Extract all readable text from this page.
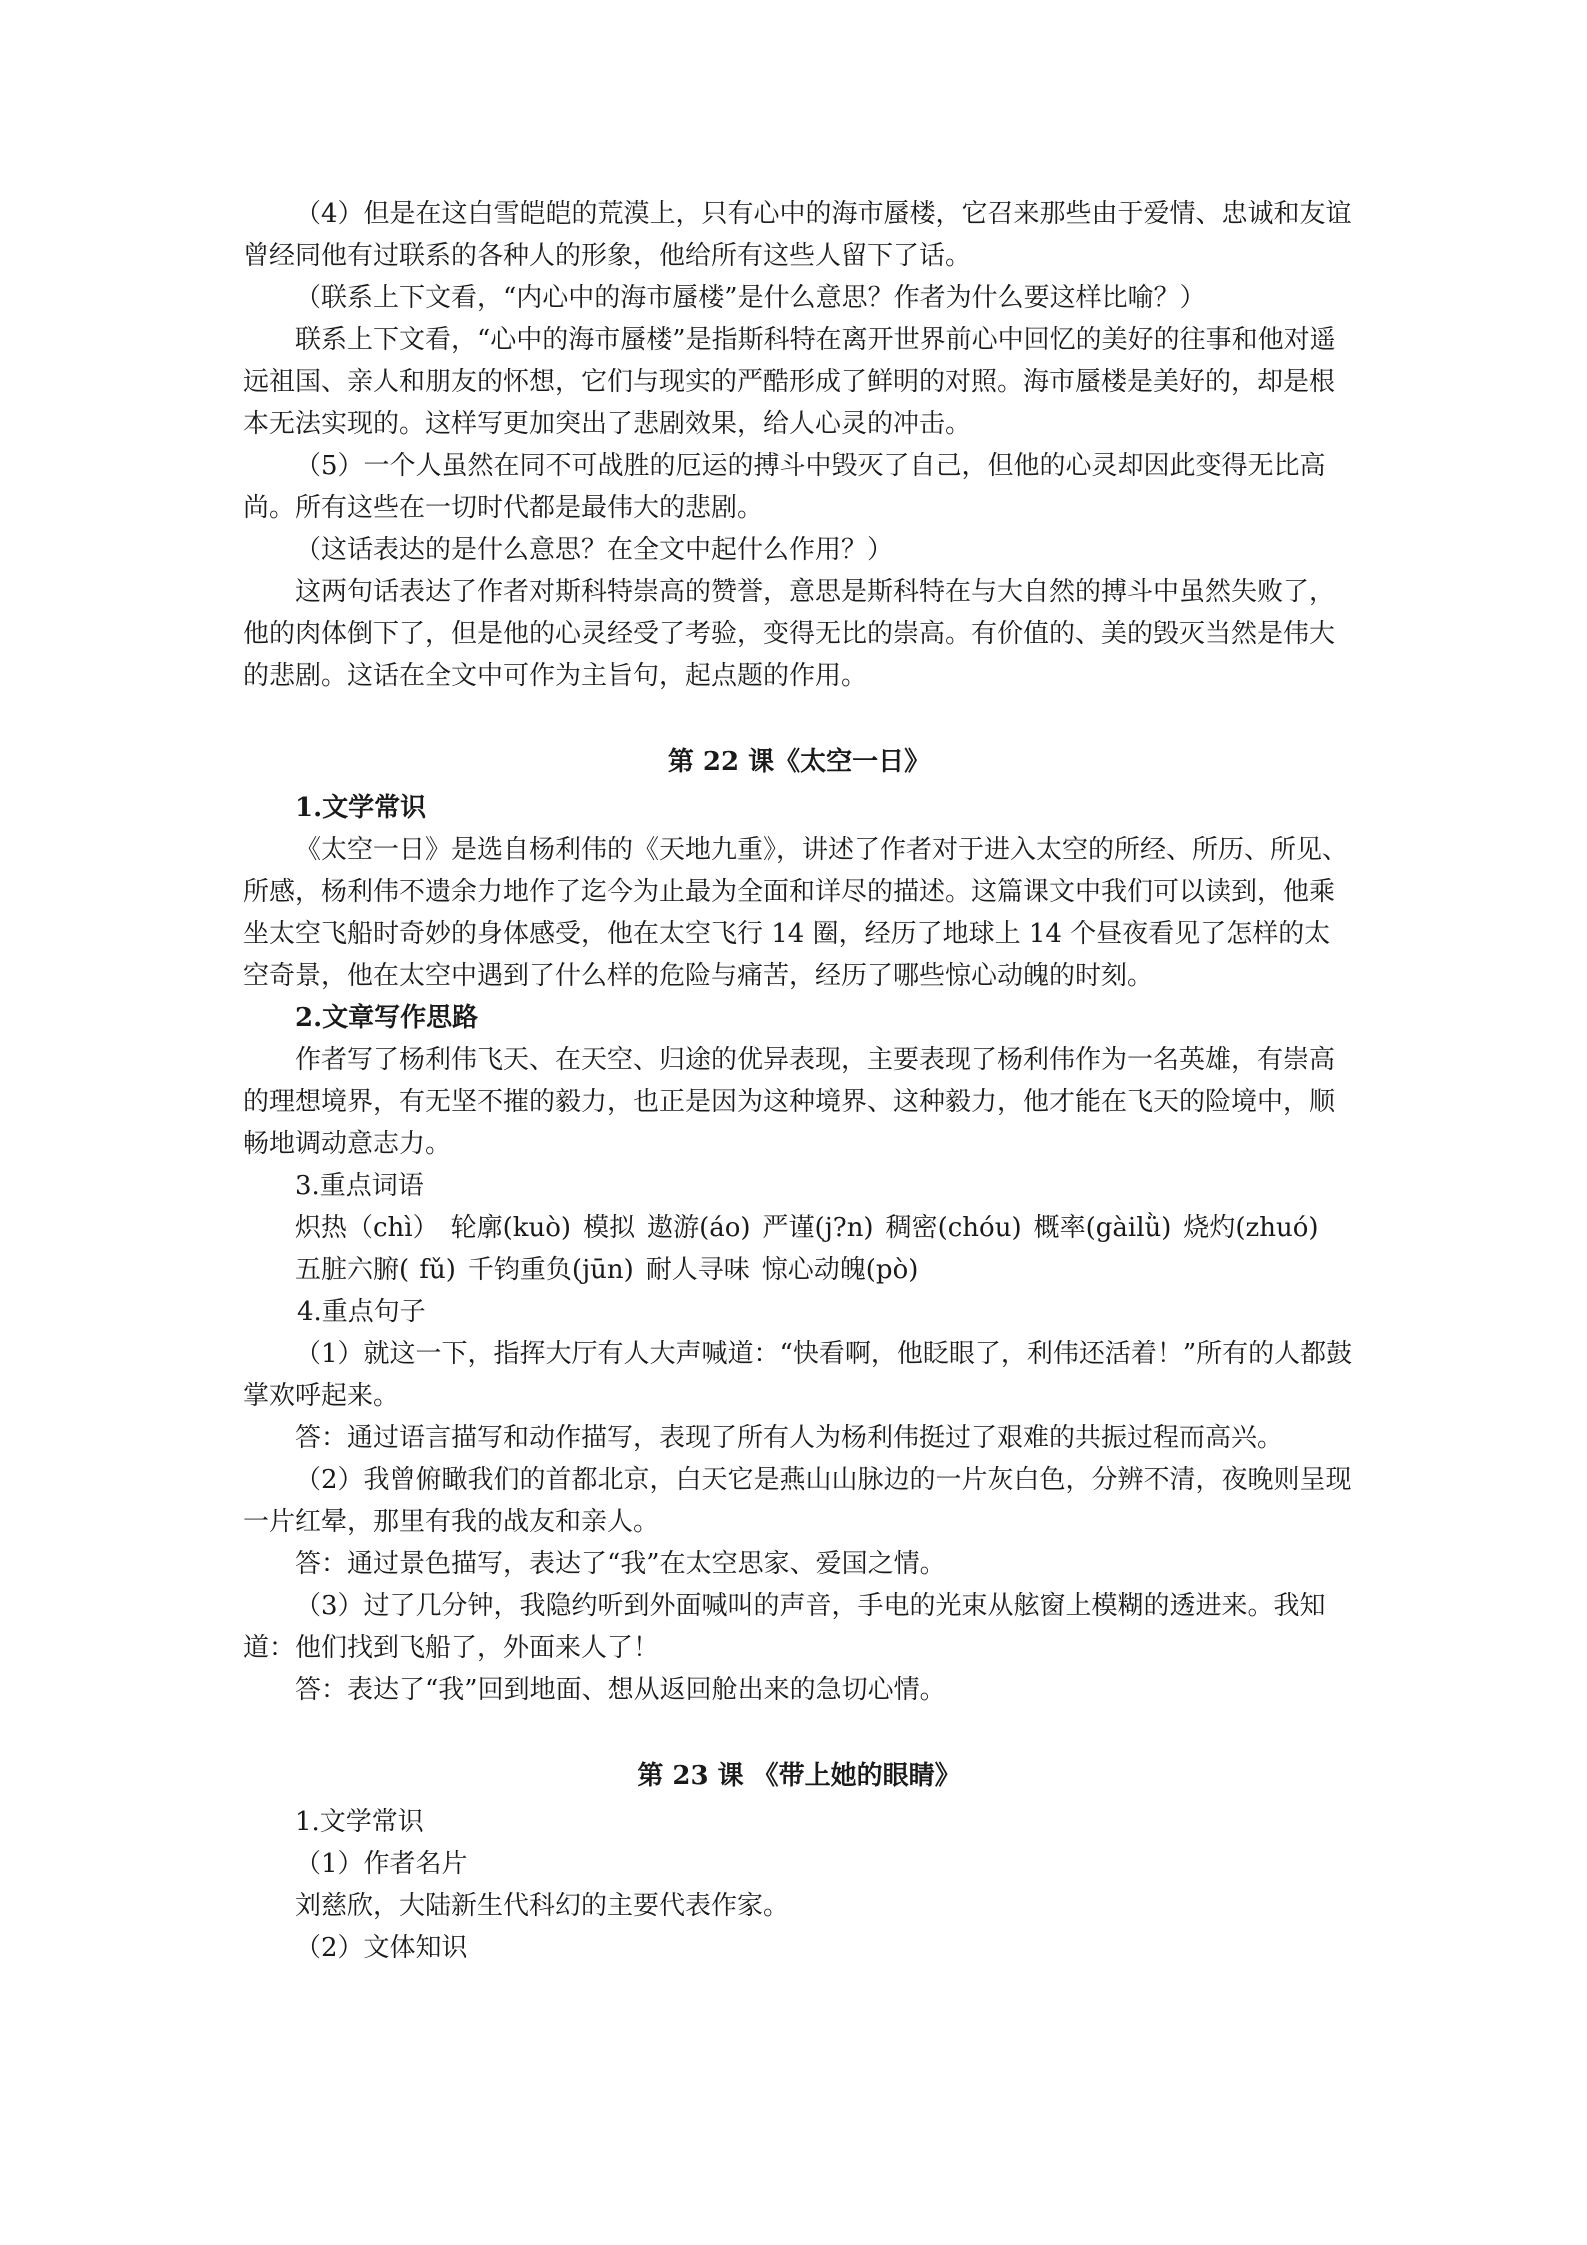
（4）但是在这白雪皑皑的荒漠上，只有心中的海市蜃楼，它召来那些由于爱情、忠诚和友谊曾经同他有过联系的各种人的形象，他给所有这些人留下了话。

（联系上下文看，“内心中的海市蜃楼”是什么意思？作者为什么要这样比喻？）

联系上下文看，“心中的海市蜃楼”是指斯科特在离开世界前心中回忆的美好的往事和他对遥远祖国、亲人和朋友的怀想，它们与现实的严酷形成了鲜明的对照。海市蜃楼是美好的，却是根本无法实现的。这样写更加突出了悲剧效果，给人心灵的冲击。

（5）一个人虽然在同不可战胜的厄运的搏斗中毁灭了自己，但他的心灵却因此变得无比高尚。所有这些在一切时代都是最伟大的悲剧。

（这话表达的是什么意思？在全文中起什么作用？）

这两句话表达了作者对斯科特崇高的赞誉，意思是斯科特在与大自然的搏斗中虽然失败了，他的肉体倒下了，但是他的心灵经受了考验，变得无比的崇高。有价值的、美的毁灭当然是伟大的悲剧。这话在全文中可作为主旨句，起点题的作用。

第 22 课《太空一日》

1.文学常识

《太空一日》是选自杨利伟的《天地九重》，讲述了作者对于进入太空的所经、所历、所见、所感，杨利伟不遗余力地作了迄今为止最为全面和详尽的描述。这篇课文中我们可以读到，他乘坐太空飞船时奇妙的身体感受，他在太空飞行 14 圈，经历了地球上 14 个昼夜看见了怎样的太空奇景，他在太空中遇到了什么样的危险与痛苦，经历了哪些惊心动魄的时刻。

2.文章写作思路

作者写了杨利伟飞天、在天空、归途的优异表现，主要表现了杨利伟作为一名英雄，有崇高的理想境界，有无坚不摧的毅力，也正是因为这种境界、这种毅力，他才能在飞天的险境中，顺畅地调动意志力。

3.重点词语

炽热（chì） 轮廓(kuò) 模拟 遨游(áo) 严谨(j?n) 稠密(chóu) 概率(gàilǜ) 烧灼(zhuó)

五脏六腑( fǔ) 千钧重负(jūn) 耐人寻味 惊心动魄(pò)

4.重点句子

（1）就这一下，指挥大厅有人大声喊道：“快看啊，他眨眼了，利伟还活着！”所有的人都鼓掌欢呼起来。

答：通过语言描写和动作描写，表现了所有人为杨利伟挺过了艰难的共振过程而高兴。

（2）我曾俯瞰我们的首都北京，白天它是燕山山脉边的一片灰白色，分辨不清，夜晚则呈现一片红晕，那里有我的战友和亲人。

答：通过景色描写，表达了“我”在太空思家、爱国之情。

（3）过了几分钟，我隐约听到外面喊叫的声音，手电的光束从舷窗上模糊的透进来。我知道：他们找到飞船了，外面来人了！

答：表达了“我”回到地面、想从返回舱出来的急切心情。

第 23 课 《带上她的眼睛》

1.文学常识

（1）作者名片

刘慈欣，大陆新生代科幻的主要代表作家。

（2）文体知识
